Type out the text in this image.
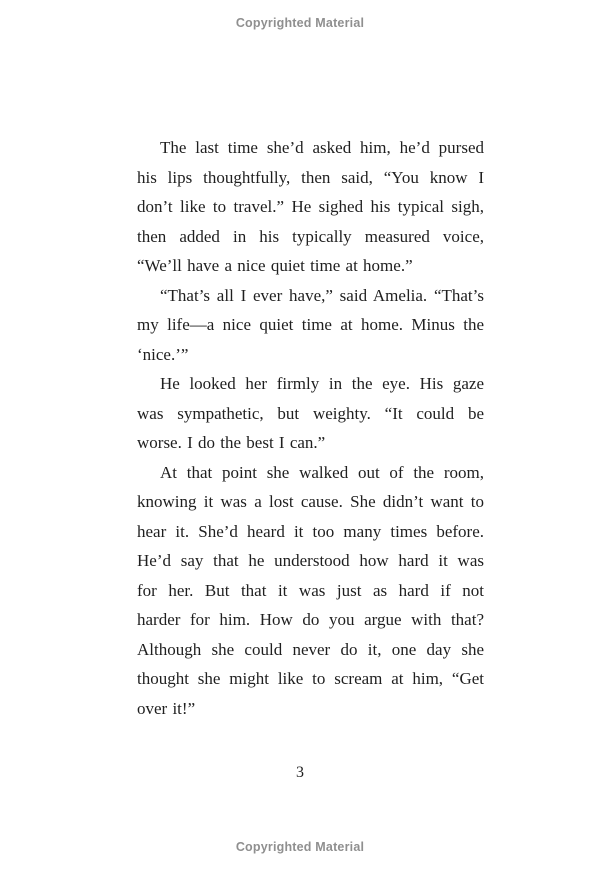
Copyrighted Material
The last time she’d asked him, he’d pursed
his lips thoughtfully, then said, “You know I
don’t like to travel.” He sighed his typical sigh,
then added in his typically measured voice,
“We’ll have a nice quiet time at home.”
“That’s all I ever have,” said Amelia. “That’s
my life—a nice quiet time at home. Minus the
‘nice.’”
He looked her firmly in the eye. His gaze
was sympathetic, but weighty. “It could be
worse. I do the best I can.”
At that point she walked out of the room,
knowing it was a lost cause. She didn’t want to
hear it. She’d heard it too many times before.
He’d say that he understood how hard it was
for her. But that it was just as hard if not
harder for him. How do you argue with that?
Although she could never do it, one day she
thought she might like to scream at him, “Get
over it!”
3
Copyrighted Material
